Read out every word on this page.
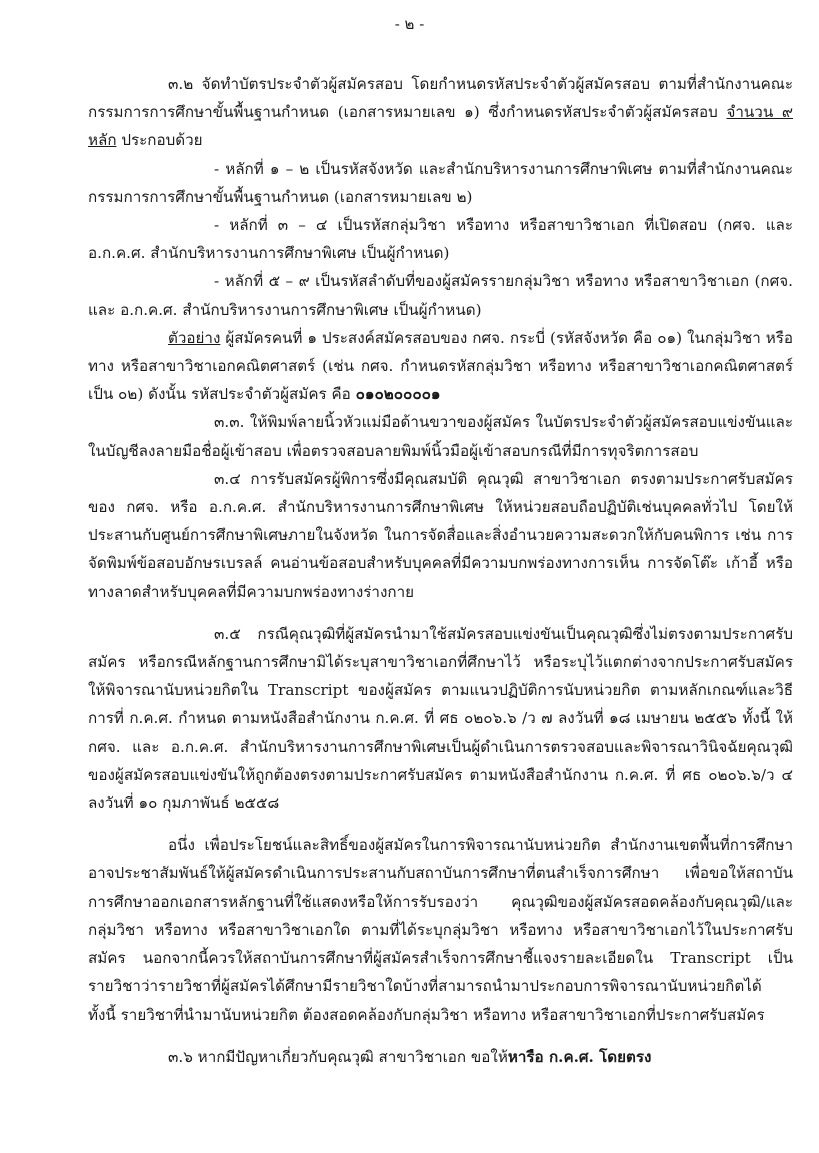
- ๒ -

๓.๒ จัดทำบัตรประจำตัวผู้สมัครสอบ โดยกำหนดรหัสประจำตัวผู้สมัครสอบ ตามที่สำนักงานคณะกรรมการการศึกษาขั้นพื้นฐานกำหนด (เอกสารหมายเลข ๑) ซึ่งกำหนดรหัสประจำตัวผู้สมัครสอบ จำนวน ๙ หลัก ประกอบด้วย

- หลักที่ ๑ – ๒ เป็นรหัสจังหวัด และสำนักบริหารงานการศึกษาพิเศษ ตามที่สำนักงานคณะกรรมการการศึกษาขั้นพื้นฐานกำหนด (เอกสารหมายเลข ๒)

- หลักที่ ๓ – ๔ เป็นรหัสกลุ่มวิชา หรือทาง หรือสาขาวิชาเอก ที่เปิดสอบ (กศจ. และ อ.ก.ค.ศ. สำนักบริหารงานการศึกษาพิเศษ เป็นผู้กำหนด)

- หลักที่ ๕ – ๙ เป็นรหัสลำดับที่ของผู้สมัครรายกลุ่มวิชา หรือทาง หรือสาขาวิชาเอก (กศจ. และ อ.ก.ค.ศ. สำนักบริหารงานการศึกษาพิเศษ เป็นผู้กำหนด)

ตัวอย่าง ผู้สมัครคนที่ ๑ ประสงค์สมัครสอบของ กศจ. กระบี่ (รหัสจังหวัด คือ ๐๑) ในกลุ่มวิชา หรือทาง หรือสาขาวิชาเอกคณิตศาสตร์ (เช่น กศจ. กำหนดรหัสกลุ่มวิชา หรือทาง หรือสาขาวิชาเอกคณิตศาสตร์ เป็น ๐๒) ดังนั้น รหัสประจำตัวผู้สมัคร คือ ๐๑๐๒๐๐๐๐๑

๓.๓. ให้พิมพ์ลายนิ้วหัวแม่มือด้านขวาของผู้สมัคร ในบัตรประจำตัวผู้สมัครสอบแข่งขันและในบัญชีลงลายมือชื่อผู้เข้าสอบ เพื่อตรวจสอบลายพิมพ์นิ้วมือผู้เข้าสอบกรณีที่มีการทุจริตการสอบ

๓.๔ การรับสมัครผู้พิการซึ่งมีคุณสมบัติ คุณวุฒิ สาขาวิชาเอก ตรงตามประกาศรับสมัครของ กศจ. หรือ อ.ก.ค.ศ. สำนักบริหารงานการศึกษาพิเศษ ให้หน่วยสอบถือปฏิบัติเช่นบุคคลทั่วไป โดยให้ประสานกับศูนย์การศึกษาพิเศษภายในจังหวัด ในการจัดสื่อและสิ่งอำนวยความสะดวกให้กับคนพิการ เช่น การจัดพิมพ์ข้อสอบอักษรเบรลล์ คนอ่านข้อสอบสำหรับบุคคลที่มีความบกพร่องทางการเห็น การจัดโต๊ะ เก้าอี้ หรือทางลาดสำหรับบุคคลที่มีความบกพร่องทางร่างกาย

๓.๕ กรณีคุณวุฒิที่ผู้สมัครนำมาใช้สมัครสอบแข่งขันเป็นคุณวุฒิซึ่งไม่ตรงตามประกาศรับสมัคร หรือกรณีหลักฐานการศึกษามิได้ระบุสาขาวิชาเอกที่ศึกษาไว้ หรือระบุไว้แตกต่างจากประกาศรับสมัคร ให้พิจารณานับหน่วยกิตใน Transcript ของผู้สมัคร ตามแนวปฏิบัติการนับหน่วยกิต ตามหลักเกณฑ์และวิธีการที่ ก.ค.ศ. กำหนด ตามหนังสือสำนักงาน ก.ค.ศ. ที่ ศธ ๐๒๐๖.๖ /ว ๗ ลงวันที่ ๑๘ เมษายน ๒๕๕๖ ทั้งนี้ ให้ กศจ. และ อ.ก.ค.ศ. สำนักบริหารงานการศึกษาพิเศษเป็นผู้ดำเนินการตรวจสอบและพิจารณาวินิจฉัยคุณวุฒิของผู้สมัครสอบแข่งขันให้ถูกต้องตรงตามประกาศรับสมัคร ตามหนังสือสำนักงาน ก.ค.ศ. ที่ ศธ ๐๒๐๖.๖/ว ๔ ลงวันที่ ๑๐ กุมภาพันธ์ ๒๕๕๘

อนึ่ง เพื่อประโยชน์และสิทธิ์ของผู้สมัครในการพิจารณานับหน่วยกิต สำนักงานเขตพื้นที่การศึกษาอาจประชาสัมพันธ์ให้ผู้สมัครดำเนินการประสานกับสถาบันการศึกษาที่ตนสำเร็จการศึกษา เพื่อขอให้สถาบันการศึกษาออกเอกสารหลักฐานที่ใช้แสดงหรือให้การรับรองว่า คุณวุฒิของผู้สมัครสอดคล้องกับคุณวุฒิ/และกลุ่มวิชา หรือทาง หรือสาขาวิชาเอกใด ตามที่ได้ระบุกลุ่มวิชา หรือทาง หรือสาขาวิชาเอกไว้ในประกาศรับสมัคร นอกจากนี้ควรให้สถาบันการศึกษาที่ผู้สมัครสำเร็จการศึกษาชี้แจงรายละเอียดใน Transcript เป็นรายวิชาว่ารายวิชาที่ผู้สมัครได้ศึกษามีรายวิชาใดบ้างที่สามารถนำมาประกอบการพิจารณานับหน่วยกิตได้ ทั้งนี้ รายวิชาที่นำมานับหน่วยกิต ต้องสอดคล้องกับกลุ่มวิชา หรือทาง หรือสาขาวิชาเอกที่ประกาศรับสมัคร

๓.๖ หากมีปัญหาเกี่ยวกับคุณวุฒิ สาขาวิชาเอก ขอให้หารือ ก.ค.ศ. โดยตรง
